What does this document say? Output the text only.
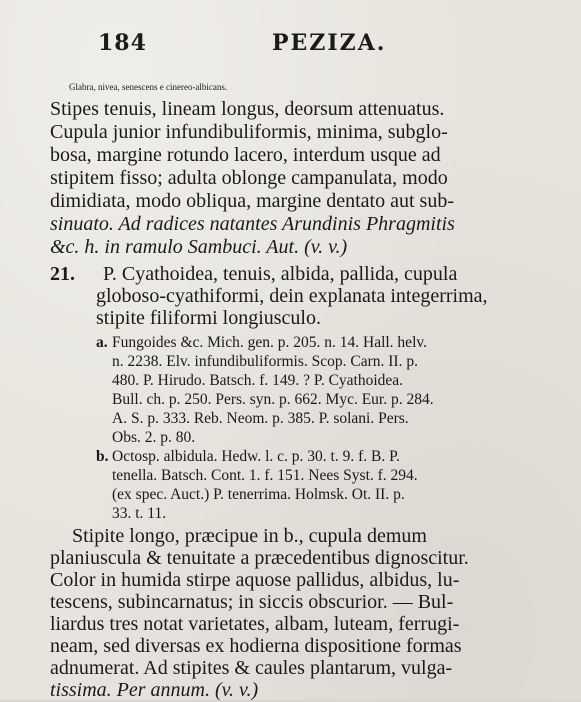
184	PEZIZA.
Glabra, nivea, senescens e cinereo-albicans.
Stipes tenuis, lineam longus, deorsum attenuatus.
Cupula junior infundibuliformis, minima, subglo-
bosa, margine rotundo lacero, interdum usque ad
stipitem fisso; adulta oblonge campanulata, modo
dimidiata, modo obliqua, margine dentato aut sub-
sinuato. Ad radices natantes Arundinis Phragmitis
&c. h. in ramulo Sambuci. Aut. (v. v.)
21. P. Cyathoidea, tenuis, albida, pallida, cupula
globoso-cyathiformi, dein explanata integerrima,
stipite filiformi longiusculo.
a. Fungoides &c. Mich. gen. p. 205. n. 14. Hall. helv.
n. 2238. Elv. infundibuliformis. Scop. Carn. II. p.
480. P. Hirudo. Batsch. f. 149. ? P. Cyathoidea.
Bull. ch. p. 250. Pers. syn. p. 662. Myc. Eur. p. 284.
A. S. p. 333. Reb. Neom. p. 385. P. solani. Pers.
Obs. 2. p. 80.
b. Octosp. albidula. Hedw. l. c. p. 30. t. 9. f. B. P.
tenella. Batsch. Cont. 1. f. 151. Nees Syst. f. 294.
(ex spec. Auct.) P. tenerrima. Holmsk. Ot. II. p.
33. t. 11.
Stipite longo, præcipue in b., cupula demum
planiuscula & tenuitate a præcedentibus dignoscitur.
Color in humida stirpe aquose pallidus, albidus, lu-
tescens, subincarnatus; in siccis obscurior. — Bul-
liardus tres notat varietates, albam, luteam, ferrugi-
neam, sed diversas ex hodierna dispositione formas
adnumerat. Ad stipites & caules plantarum, vulga-
tissima. Per annum. (v. v.)
